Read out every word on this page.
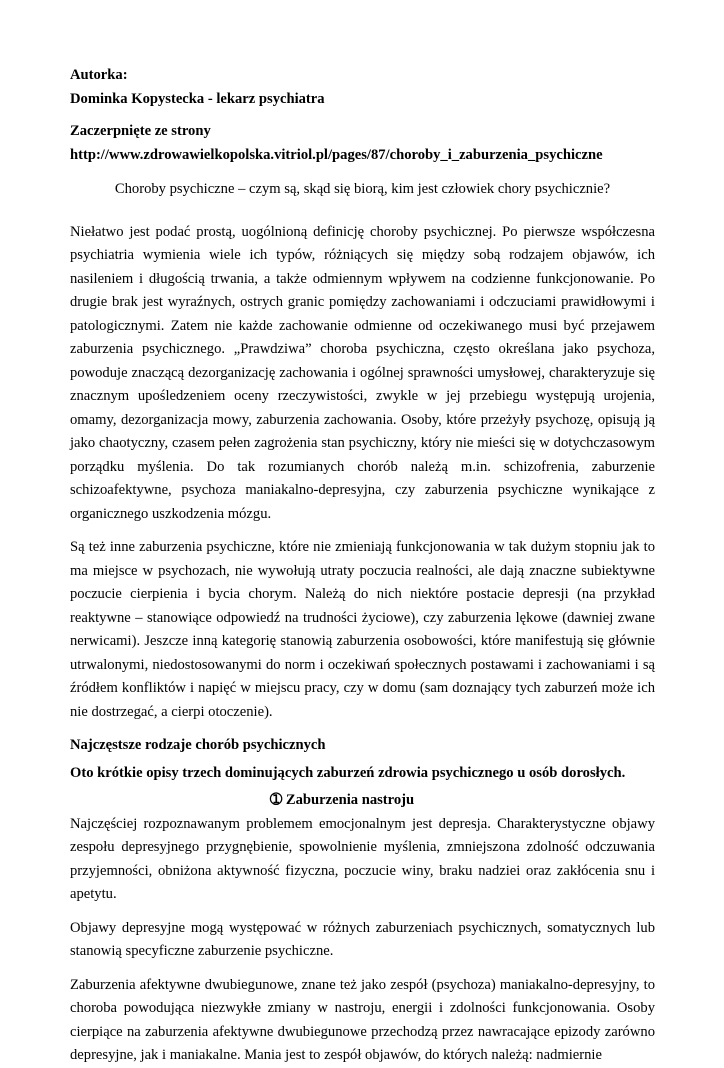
Autorka:

Dominka Kopystecka - lekarz psychiatra

Zaczerpnięte ze strony

http://www.zdrowawielkopolska.vitriol.pl/pages/87/choroby_i_zaburzenia_psychiczne

Choroby psychiczne – czym są, skąd się biorą, kim jest człowiek chory psychicznie?

Niełatwo jest podać prostą, uogólnioną definicję choroby psychicznej. Po pierwsze współczesna psychiatria wymienia wiele ich typów, różniących się między sobą rodzajem objawów, ich nasileniem i długością trwania, a także odmiennym wpływem na codzienne funkcjonowanie. Po drugie brak jest wyraźnych, ostrych granic pomiędzy zachowaniami i odczuciami prawidłowymi i patologicznymi. Zatem nie każde zachowanie odmienne od oczekiwanego musi być przejawem zaburzenia psychicznego. „Prawdziwa” choroba psychiczna, często określana jako psychoza, powoduje znaczącą dezorganizację zachowania i ogólnej sprawności umysłowej, charakteryzuje się znacznym upośledzeniem oceny rzeczywistości, zwykle w jej przebiegu występują urojenia, omamy, dezorganizacja mowy, zaburzenia zachowania. Osoby, które przeżyły psychozę, opisują ją jako chaotyczny, czasem pełen zagrożenia stan psychiczny, który nie mieści się w dotychczasowym porządku myślenia. Do tak rozumianych chorób należą m.in. schizofrenia, zaburzenie schizoafektywne, psychoza maniakalno-depresyjna, czy zaburzenia psychiczne wynikające z organicznego uszkodzenia mózgu.

Są też inne zaburzenia psychiczne, które nie zmieniają funkcjonowania w tak dużym stopniu jak to ma miejsce w psychozach, nie wywołują utraty poczucia realności, ale dają znaczne subiektywne poczucie cierpienia i bycia chorym. Należą do nich niektóre postacie depresji (na przykład reaktywne – stanowiące odpowiedź na trudności życiowe), czy zaburzenia lękowe (dawniej zwane nerwicami). Jeszcze inną kategorię stanowią zaburzenia osobowości, które manifestują się głównie utrwalonymi, niedostosowanymi do norm i oczekiwań społecznych postawami i zachowaniami i są źródłem konfliktów i napięć w miejscu pracy, czy w domu (sam doznający tych zaburzeń może ich nie dostrzegać, a cierpi otoczenie).

Najczęstsze rodzaje chorób psychicznych

Oto krótkie opisy trzech dominujących zaburzeń zdrowia psychicznego u osób dorosłych.

➀ Zaburzenia nastroju

Najczęściej rozpoznawanym problemem emocjonalnym jest depresja. Charakterystyczne objawy zespołu depresyjnego przygnębienie, spowolnienie myślenia, zmniejszona zdolność odczuwania przyjemności, obniżona aktywność fizyczna, poczucie winy, braku nadziei oraz zakłócenia snu i apetytu.

Objawy depresyjne mogą występować w różnych zaburzeniach psychicznych, somatycznych lub stanowią specyficzne zaburzenie psychiczne.

Zaburzenia afektywne dwubiegunowe, znane też jako zespół (psychoza) maniakalno-depresyjny, to choroba powodująca niezwykłe zmiany w nastroju, energii i zdolności funkcjonowania. Osoby cierpiące na zaburzenia afektywne dwubiegunowe przechodzą przez nawracające epizody zarówno depresyjne, jak i maniakalne. Mania jest to zespół objawów, do których należą: nadmiernie
